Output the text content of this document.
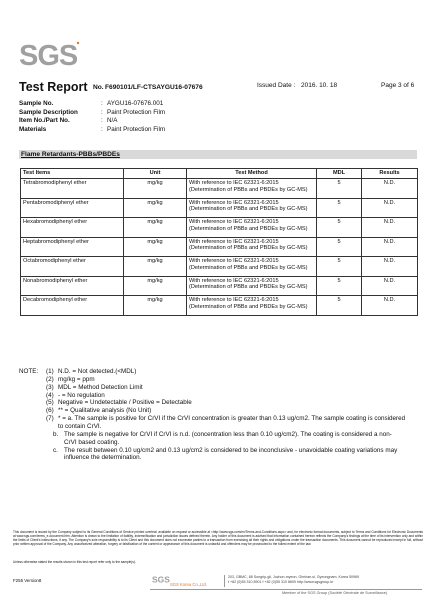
SGS
Test Report No. F690101/LF-CTSAYGU16-07676	Issued Date : 2016. 10. 18	Page 3 of 6
Sample No.	: AYGU16-07676.001
Sample Description	: Paint Protection Film
Item No./Part No.	: N/A
Materials	: Paint Protection Film
Flame Retardants-PBBs/PBDEs
Test Items	Unit	Test Method	MDL	Results
Tetrabromodiphenyl ether	mg/kg	With reference to IEC 62321-6:2015 (Determination of PBBs and PBDEs by GC-MS)	5	N.D.
Pentabromodiphenyl ether	mg/kg	With reference to IEC 62321-6:2015 (Determination of PBBs and PBDEs by GC-MS)	5	N.D.
Hexabromodiphenyl ether	mg/kg	With reference to IEC 62321-6:2015 (Determination of PBBs and PBDEs by GC-MS)	5	N.D.
Heptabromodiphenyl ether	mg/kg	With reference to IEC 62321-6:2015 (Determination of PBBs and PBDEs by GC-MS)	5	N.D.
Octabromodiphenyl ether	mg/kg	With reference to IEC 62321-6:2015 (Determination of PBBs and PBDEs by GC-MS)	5	N.D.
Nonabromodiphenyl ether	mg/kg	With reference to IEC 62321-6:2015 (Determination of PBBs and PBDEs by GC-MS)	5	N.D.
Decabromodiphenyl ether	mg/kg	With reference to IEC 62321-6:2015 (Determination of PBBs and PBDEs by GC-MS)	5	N.D.
NOTE: (1) N.D. = Not detected.(<MDL)
(2) mg/kg = ppm
(3) MDL = Method Detection Limit
(4) - = No regulation
(5) Negative = Undetectable / Positive = Detectable
(6) ** = Qualitative analysis (No Unit)
(7) * = a. The sample is positive for CrVI if the CrVI concentration is greater than 0.13 ug/cm2. The sample coating is considered to contain CrVI.
b. The sample is negative for CrVI if CrVI is n.d. (concentration less than 0.10 ug/cm2). The coating is considered a non-CrVI based coating.
c. The result between 0.10 ug/cm2 and 0.13 ug/cm2 is considered to be inconclusive - unavoidable coating variations may influence the determination.
This document is issued by the Company subject to its General Conditions of Service printed overleaf, available on request or accessible at <http://www.sgs.com/en/Terms-and-Conditions.aspx> and, for electronic format documents, subject to Terms and Conditions for Electronic Documents at www.sgs.com/terms_e-document.htm. Attention is drawn to the limitation of liability, indemnification and jurisdiction issues defined therein. Any holder of this document is advised that information contained hereon reflects the Company's findings at the time of its intervention only and within the limits of Client's instructions, if any. The Company's sole responsibility is to its Client and this document does not exonerate parties to a transaction from exercising all their rights and obligations under the transaction documents. This document cannot be reproduced except in full, without prior written approval of the Company. Any unauthorized alteration, forgery or falsification of the content or appearance of this document is unlawful and offenders may be prosecuted to the fullest extent of the law.
Unless otherwise stated the results shown in this test report refer only to the sample(s).
F255 Version8	SGS SGS Korea Co.,Ltd.
203, GBMC, 88 Songrip-gil, Juchon-myeon, Gimhae-si, Gyeongnam, Korea 50969
t +82 (0)55 310 8901 f +82 (0)55 310 8609 http://www.sgsgroup.kr
Member of the SGS Group (Société Générale de Surveillance)
